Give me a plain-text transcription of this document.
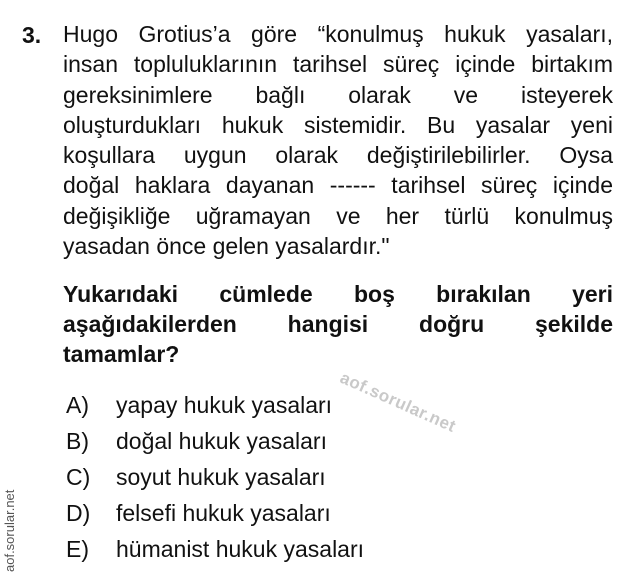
3. Hugo Grotius’a göre “konulmuş hukuk yasaları,
insan topluluklarının tarihsel süreç içinde birtakım
gereksinimlere bağlı olarak ve isteyerek
oluşturdukları hukuk sistemidir. Bu yasalar yeni
koşullara uygun olarak değiştirilebilirler. Oysa
doğal haklara dayanan ------ tarihsel süreç içinde
değişikliğe uğramayan ve her türlü konulmuş
yasadan önce gelen yasalardır."
Yukarıdaki cümlede boş bırakılan yeri
aşağıdakilerden hangisi doğru şekilde
tamamlar?
A) yapay hukuk yasaları
B) doğal hukuk yasaları
C) soyut hukuk yasaları
D) felsefi hukuk yasaları
E) hümanist hukuk yasaları
aof.sorular.net
aof.sorular.net
